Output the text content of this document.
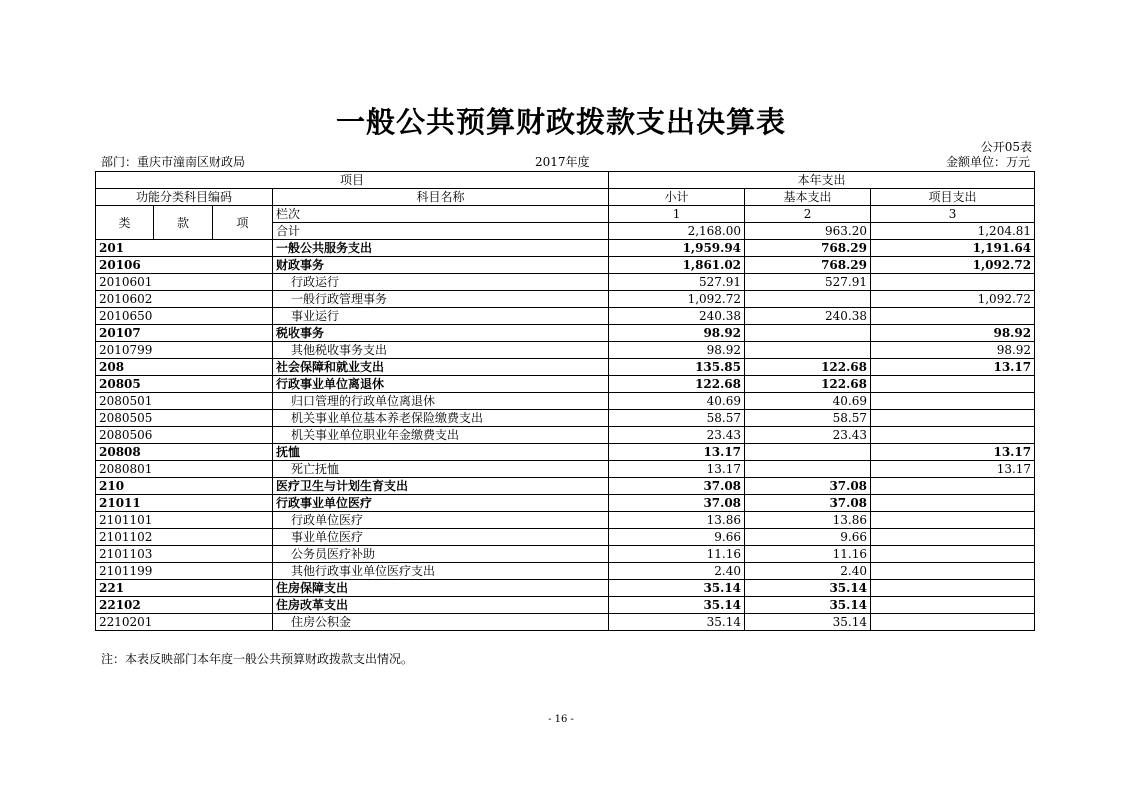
一般公共预算财政拨款支出决算表
公开05表
部门：重庆市潼南区财政局	2017年度	金额单位：万元
项目				本年支出		
功能分类科目编码			科目名称	小计	基本支出	项目支出
类	款	项	栏次	1	2	3
			合计	2,168.00	963.20	1,204.81
201			一般公共服务支出	1,959.94	768.29	1,191.64
20106			财政事务	1,861.02	768.29	1,092.72
2010601			行政运行	527.91	527.91	
2010602			一般行政管理事务	1,092.72		1,092.72
2010650			事业运行	240.38	240.38	
20107			税收事务	98.92		98.92
2010799			其他税收事务支出	98.92		98.92
208			社会保障和就业支出	135.85	122.68	13.17
20805			行政事业单位离退休	122.68	122.68	
2080501			归口管理的行政单位离退休	40.69	40.69	
2080505			机关事业单位基本养老保险缴费支出	58.57	58.57	
2080506			机关事业单位职业年金缴费支出	23.43	23.43	
20808			抚恤	13.17		13.17
2080801			死亡抚恤	13.17		13.17
210			医疗卫生与计划生育支出	37.08	37.08	
21011			行政事业单位医疗	37.08	37.08	
2101101			行政单位医疗	13.86	13.86	
2101102			事业单位医疗	9.66	9.66	
2101103			公务员医疗补助	11.16	11.16	
2101199			其他行政事业单位医疗支出	2.40	2.40	
221			住房保障支出	35.14	35.14	
22102			住房改革支出	35.14	35.14	
2210201			住房公积金	35.14	35.14	
注：本表反映部门本年度一般公共预算财政拨款支出情况。
- 16 -
